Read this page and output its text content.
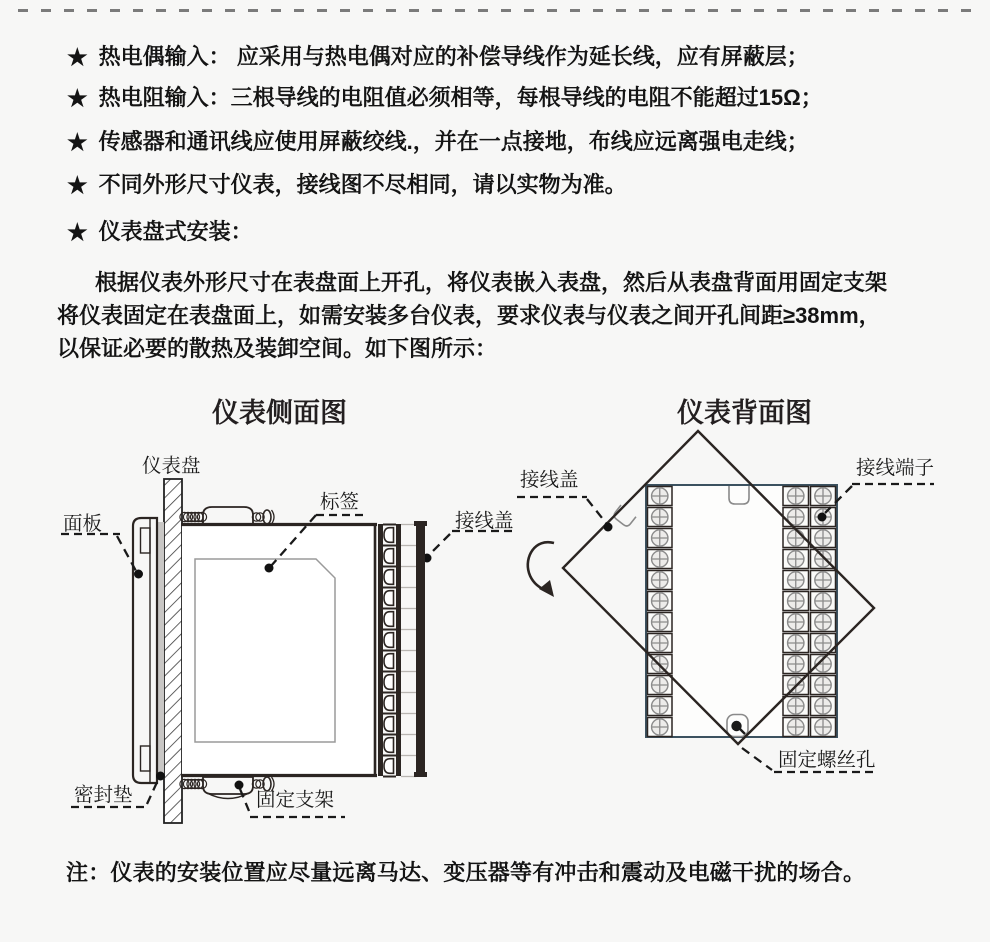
★ 热电偶输入： 应采用与热电偶对应的补偿导线作为延长线，应有屏蔽层；
★ 热电阻输入：三根导线的电阻值必须相等，每根导线的电阻不能超过15Ω；
★ 传感器和通讯线应使用屏蔽绞线.，并在一点接地，布线应远离强电走线；
★ 不同外形尺寸仪表，接线图不尽相同，请以实物为准。
★ 仪表盘式安装：
根据仪表外形尺寸在表盘面上开孔，将仪表嵌入表盘，然后从表盘背面用固定支架
将仪表固定在表盘面上，如需安装多台仪表，要求仪表与仪表之间开孔间距≥38mm，
以保证必要的散热及装卸空间。如下图所示：
仪表侧面图	仪表背面图
仪表盘
标签
面板	接线盖
固定支架
密封垫
接线盖
接线端子
固定螺丝孔
注：仪表的安装位置应尽量远离马达、变压器等有冲击和震动及电磁干扰的场合。
